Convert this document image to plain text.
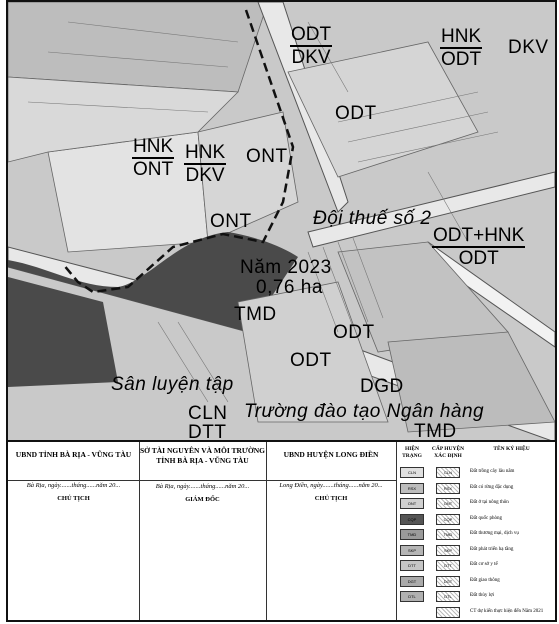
ODT
DKV
HNK
ODT
DKV
ODT
HNK
ONT
HNK
DKV
ONT
ONT	Đội thuế số 2
ODT+HNK
ODT
Năm 2023
0,76 ha
TMD
ODT
ODT
Sân luyện tập	DGD
CLN
DTT
Trường đào tạo Ngân hàng
TMD
UBND TỈNH BÀ RỊA - VŨNG TÀU
Bà Rịa, ngày.......tháng......năm 20...
CHỦ TỊCH
SỞ TÀI NGUYÊN VÀ MÔI TRƯỜNG
TỈNH BÀ RỊA - VŨNG TÀU
Bà Rịa, ngày.......tháng......năm 20...
GIÁM ĐỐC
UBND HUYỆN LONG ĐIỀN
Long Điền, ngày.......tháng......năm 20...
CHỦ TỊCH
HIỆN TRẠNG
CẤP HUYỆN XÁC ĐỊNH
TÊN KÝ HIỆU
CLN	CLN	Đất trồng cây lâu năm
RSX	RSX	Đất có rừng đặc dụng
ONT	ONT	Đất ở tại nông thôn
CQP	CQP	Đất quốc phòng
TMD	TMD	Đất thương mại, dịch vụ
SKP	SKP	Đất phát triển hạ tầng
DTT	DTT	Đất cơ sở y tế
DGT	DGT	Đất giao thông
DTL	DTL	Đất thủy lợi
CT dự kiến thực hiện đến Năm 2021
